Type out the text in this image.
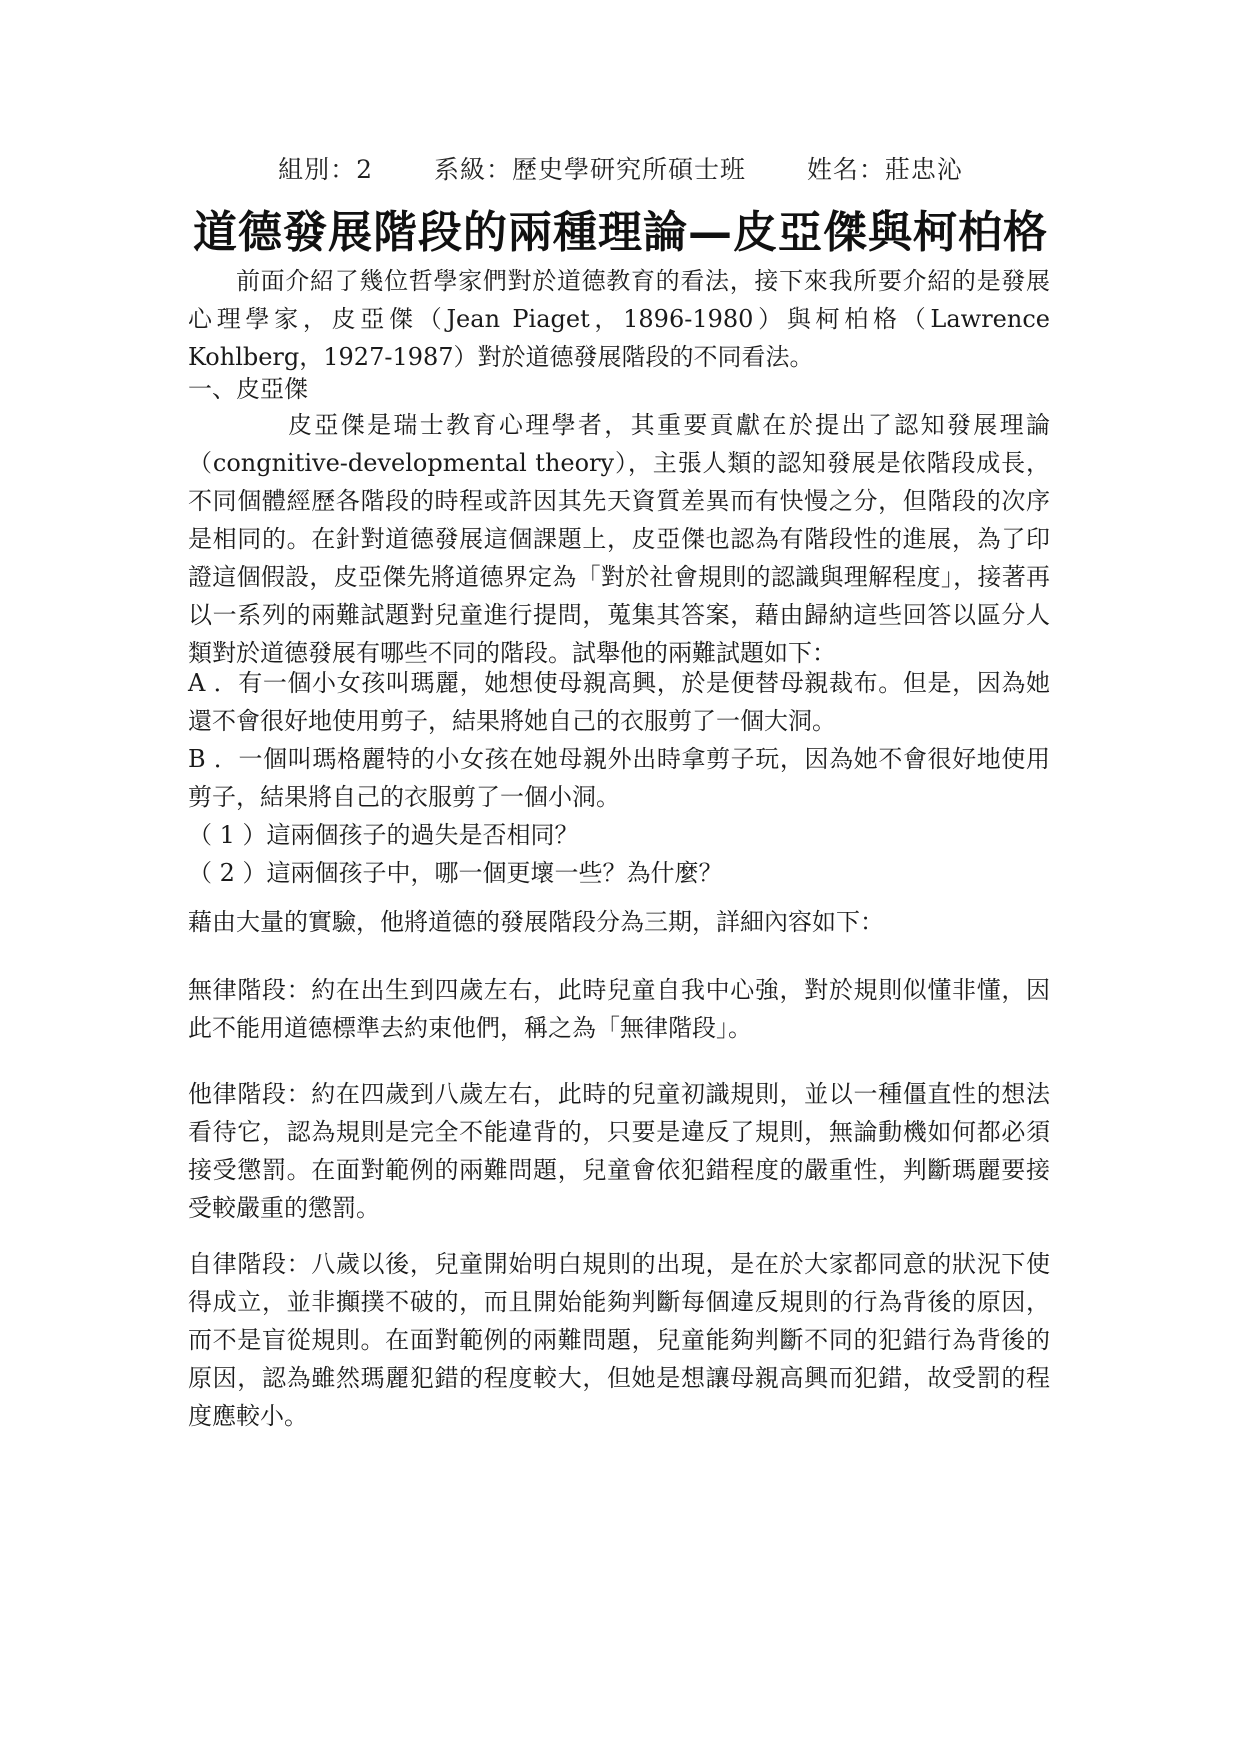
組別：2 系級：歷史學研究所碩士班 姓名：莊忠沁
道德發展階段的兩種理論—皮亞傑與柯柏格
前面介紹了幾位哲學家們對於道德教育的看法，接下來我所要介紹的是發展心理學家，皮亞傑（Jean Piaget，1896-1980）與柯柏格（Lawrence Kohlberg，1927-1987）對於道德發展階段的不同看法。
一、皮亞傑
皮亞傑是瑞士教育心理學者，其重要貢獻在於提出了認知發展理論（congnitive-developmental theory），主張人類的認知發展是依階段成長，不同個體經歷各階段的時程或許因其先天資質差異而有快慢之分，但階段的次序是相同的。在針對道德發展這個課題上，皮亞傑也認為有階段性的進展，為了印證這個假設，皮亞傑先將道德界定為「對於社會規則的認識與理解程度」，接著再以一系列的兩難試題對兒童進行提問，蒐集其答案，藉由歸納這些回答以區分人類對於道德發展有哪些不同的階段。試舉他的兩難試題如下：

A ．有一個小女孩叫瑪麗，她想使母親高興，於是便替母親裁布。但是，因為她還不會很好地使用剪子，結果將她自己的衣服剪了一個大洞。

B ．一個叫瑪格麗特的小女孩在她母親外出時拿剪子玩，因為她不會很好地使用剪子，結果將自己的衣服剪了一個小洞。

（ 1 ）這兩個孩子的過失是否相同？

（ 2 ）這兩個孩子中，哪一個更壞一些？為什麼？

藉由大量的實驗，他將道德的發展階段分為三期，詳細內容如下：
無律階段：約在出生到四歲左右，此時兒童自我中心強，對於規則似懂非懂，因此不能用道德標準去約束他們，稱之為「無律階段」。
他律階段：約在四歲到八歲左右，此時的兒童初識規則，並以一種僵直性的想法看待它，認為規則是完全不能違背的，只要是違反了規則，無論動機如何都必須接受懲罰。在面對範例的兩難問題，兒童會依犯錯程度的嚴重性，判斷瑪麗要接受較嚴重的懲罰。
自律階段：八歲以後，兒童開始明白規則的出現，是在於大家都同意的狀況下使得成立，並非攧撲不破的，而且開始能夠判斷每個違反規則的行為背後的原因，而不是盲從規則。在面對範例的兩難問題，兒童能夠判斷不同的犯錯行為背後的原因，認為雖然瑪麗犯錯的程度較大，但她是想讓母親高興而犯錯，故受罰的程度應較小。
